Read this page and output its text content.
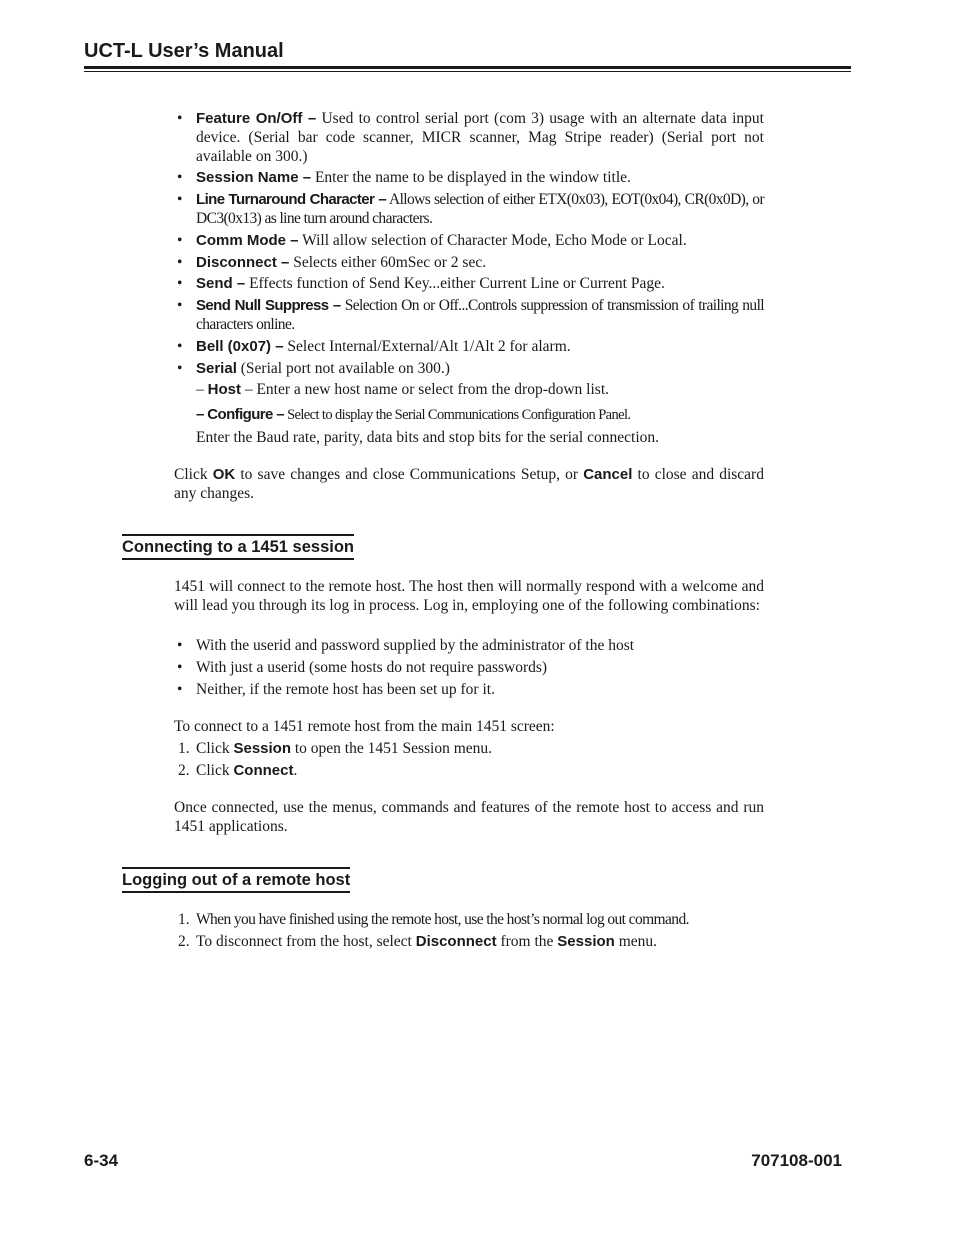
UCT-L User’s Manual
• Feature On/Off – Used to control serial port (com 3) usage with an alternate data input device. (Serial bar code scanner, MICR scanner, Mag Stripe reader) (Serial port not available on 300.)
• Session Name – Enter the name to be displayed in the window title.
• Line Turnaround Character – Allows selection of either ETX(0x03), EOT(0x04), CR(0x0D), or DC3(0x13) as line turn around characters.
• Comm Mode – Will allow selection of Character Mode, Echo Mode or Local.
• Disconnect – Selects either 60mSec or 2 sec.
• Send – Effects function of Send Key...either Current Line or Current Page.
• Send Null Suppress – Selection On or Off...Controls suppression of transmission of trailing null characters online.
• Bell (0x07) – Select Internal/External/Alt 1/Alt 2 for alarm.
• Serial (Serial port not available on 300.)
– Host – Enter a new host name or select from the drop-down list.
– Configure – Select to display the Serial Communications Configuration Panel.
Enter the Baud rate, parity, data bits and stop bits for the serial connection.
Click OK to save changes and close Communications Setup, or Cancel to close and discard any changes.
Connecting to a 1451 session
1451 will connect to the remote host. The host then will normally respond with a welcome and will lead you through its log in process. Log in, employing one of the following combinations:
• With the userid and password supplied by the administrator of the host
• With just a userid (some hosts do not require passwords)
• Neither, if the remote host has been set up for it.
To connect to a 1451 remote host from the main 1451 screen:
1. Click Session to open the 1451 Session menu.
2. Click Connect.
Once connected, use the menus, commands and features of the remote host to access and run 1451 applications.
Logging out of a remote host
1. When you have finished using the remote host, use the host’s normal log out command.
2. To disconnect from the host, select Disconnect from the Session menu.
6-34	707108-001
